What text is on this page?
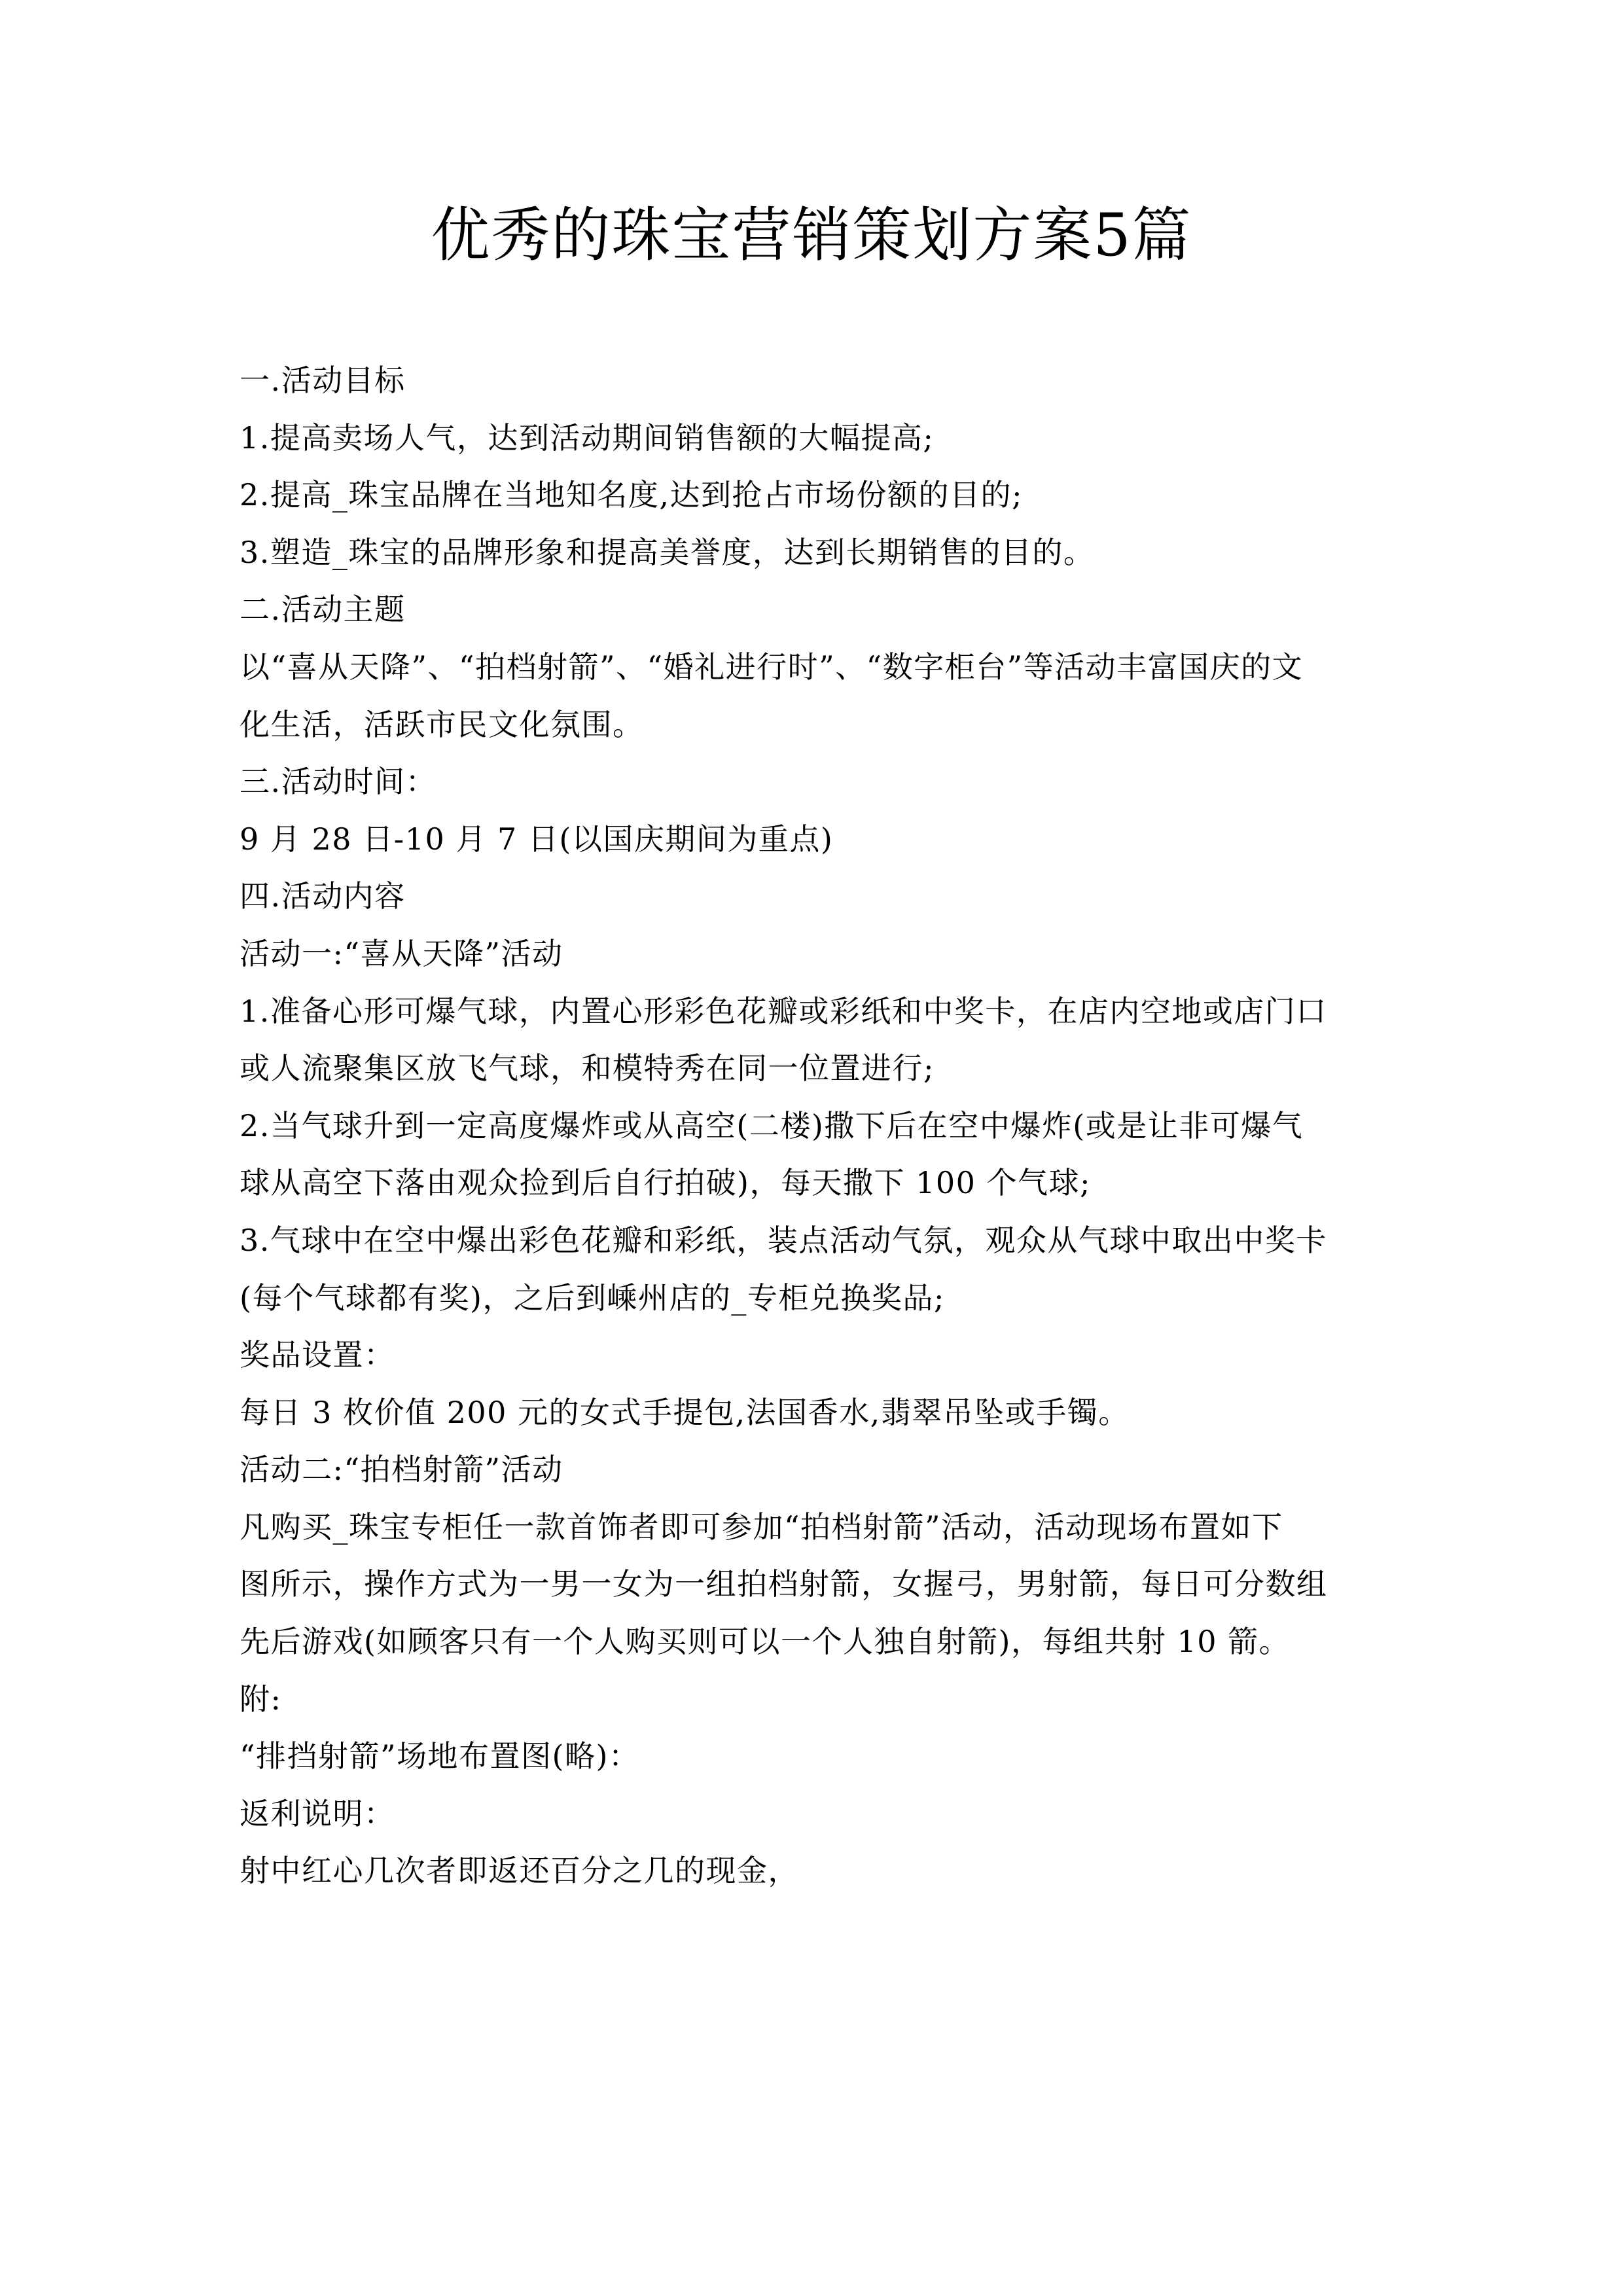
优秀的珠宝营销策划方案5篇
一.活动目标
1.提高卖场人气，达到活动期间销售额的大幅提高;
2.提高_珠宝品牌在当地知名度,达到抢占市场份额的目的;
3.塑造_珠宝的品牌形象和提高美誉度，达到长期销售的目的。
二.活动主题
以“喜从天降”、“拍档射箭”、“婚礼进行时”、“数字柜台”等活动丰富国庆的文
化生活，活跃市民文化氛围。
三.活动时间：
9 月 28 日-10 月 7 日(以国庆期间为重点)
四.活动内容
活动一:“喜从天降”活动
1.准备心形可爆气球，内置心形彩色花瓣或彩纸和中奖卡，在店内空地或店门口
或人流聚集区放飞气球，和模特秀在同一位置进行;
2.当气球升到一定高度爆炸或从高空(二楼)撒下后在空中爆炸(或是让非可爆气
球从高空下落由观众捡到后自行拍破)，每天撒下 100 个气球;
3.气球中在空中爆出彩色花瓣和彩纸，装点活动气氛，观众从气球中取出中奖卡
(每个气球都有奖)，之后到嵊州店的_专柜兑换奖品;
奖品设置：
每日 3 枚价值 200 元的女式手提包,法国香水,翡翠吊坠或手镯。
活动二:“拍档射箭”活动
凡购买_珠宝专柜任一款首饰者即可参加“拍档射箭”活动，活动现场布置如下
图所示，操作方式为一男一女为一组拍档射箭，女握弓，男射箭，每日可分数组
先后游戏(如顾客只有一个人购买则可以一个人独自射箭)，每组共射 10 箭。
附:
“排挡射箭”场地布置图(略)：
返利说明：
射中红心几次者即返还百分之几的现金，
